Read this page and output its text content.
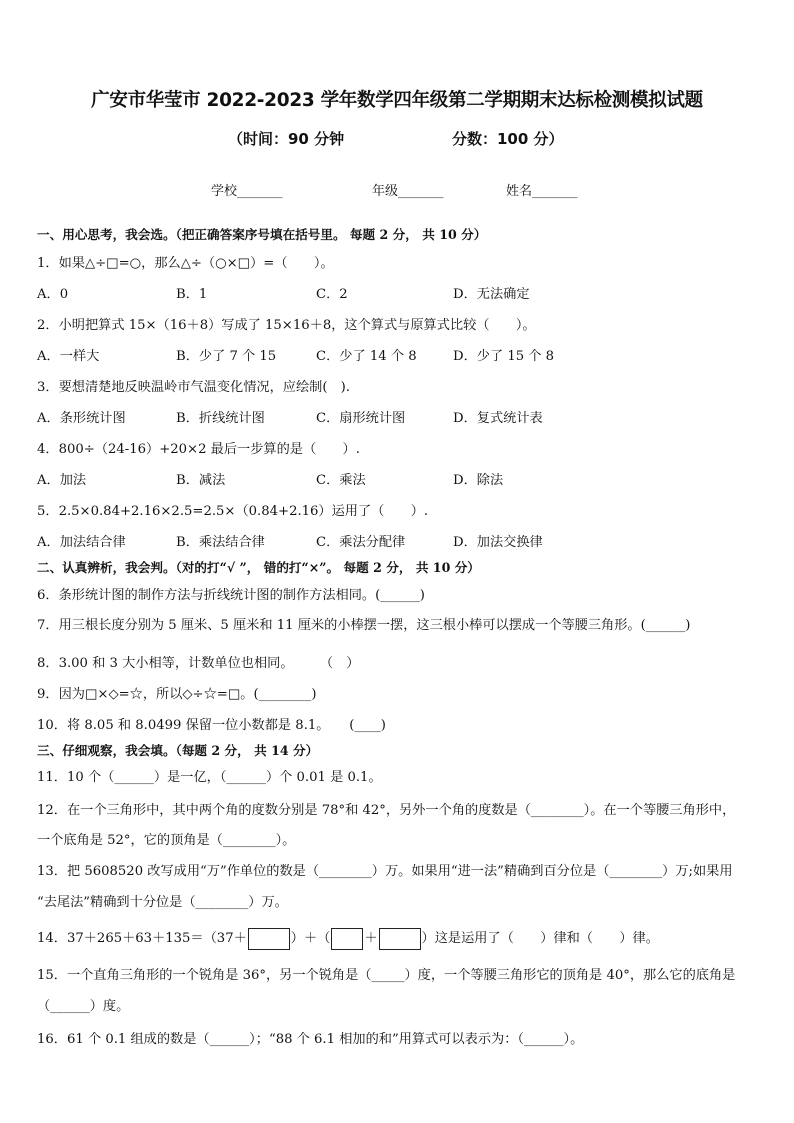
广安市华莹市 2022-2023 学年数学四年级第二学期期末达标检测模拟试题
（时间：90 分钟	分数：100 分）
学校_______	年级_______	姓名_______
一、用心思考，我会选。（把正确答案序号填在括号里。 每题 2 分， 共 10 分）
1．如果△÷□=○，那么△÷（○×□）=（　　）。
A．0	B．1	C．2	D．无法确定
2．小明把算式 15×（16＋8）写成了 15×16＋8，这个算式与原算式比较（　　）。
A．一样大	B．少了 7 个 15	C．少了 14 个 8	D．少了 15 个 8
3．要想清楚地反映温岭市气温变化情况，应绘制(　).
A．条形统计图	B．折线统计图	C．扇形统计图	D．复式统计表
4．800÷（24-16）+20×2 最后一步算的是（　　）.
A．加法	B．减法	C．乘法	D．除法
5．2.5×0.84+2.16×2.5=2.5×（0.84+2.16）运用了（　　）.
A．加法结合律	B．乘法结合律	C．乘法分配律	D．加法交换律
二、认真辨析，我会判。（对的打“√ ”， 错的打“×”。 每题 2 分， 共 10 分）
6．条形统计图的制作方法与折线统计图的制作方法相同。(______)
7．用三根长度分别为 5 厘米、5 厘米和 11 厘米的小棒摆一摆，这三根小棒可以摆成一个等腰三角形。(______)
8．3.00 和 3 大小相等，计数单位也相同。　　　（　）
9．因为□×◇=☆，所以◇÷☆=□。(________)
10．将 8.05 和 8.0499 保留一位小数都是 8.1。　　(____)
三、仔细观察，我会填。（每题 2 分， 共 14 分）
11．10 个（______）是一亿，（______）个 0.01 是 0.1。
12．在一个三角形中，其中两个角的度数分别是 78°和 42°，另外一个角的度数是（________）。在一个等腰三角形中，
一个底角是 52°，它的顶角是（________）。
13．把 5608520 改写成用“万”作单位的数是（________）万。如果用“进一法”精确到百分位是（________）万;如果用
“去尾法”精确到十分位是（________）万。
14．37＋265＋63＋135＝（37＋	）＋（	＋	）这是运用了（　　）律和（　　）律。
15．一个直角三角形的一个锐角是 36°，另一个锐角是（_____）度，一个等腰三角形它的顶角是 40°，那么它的底角是
（______）度。
16．61 个 0.1 组成的数是（______）；“88 个 6.1 相加的和”用算式可以表示为：（______）。
